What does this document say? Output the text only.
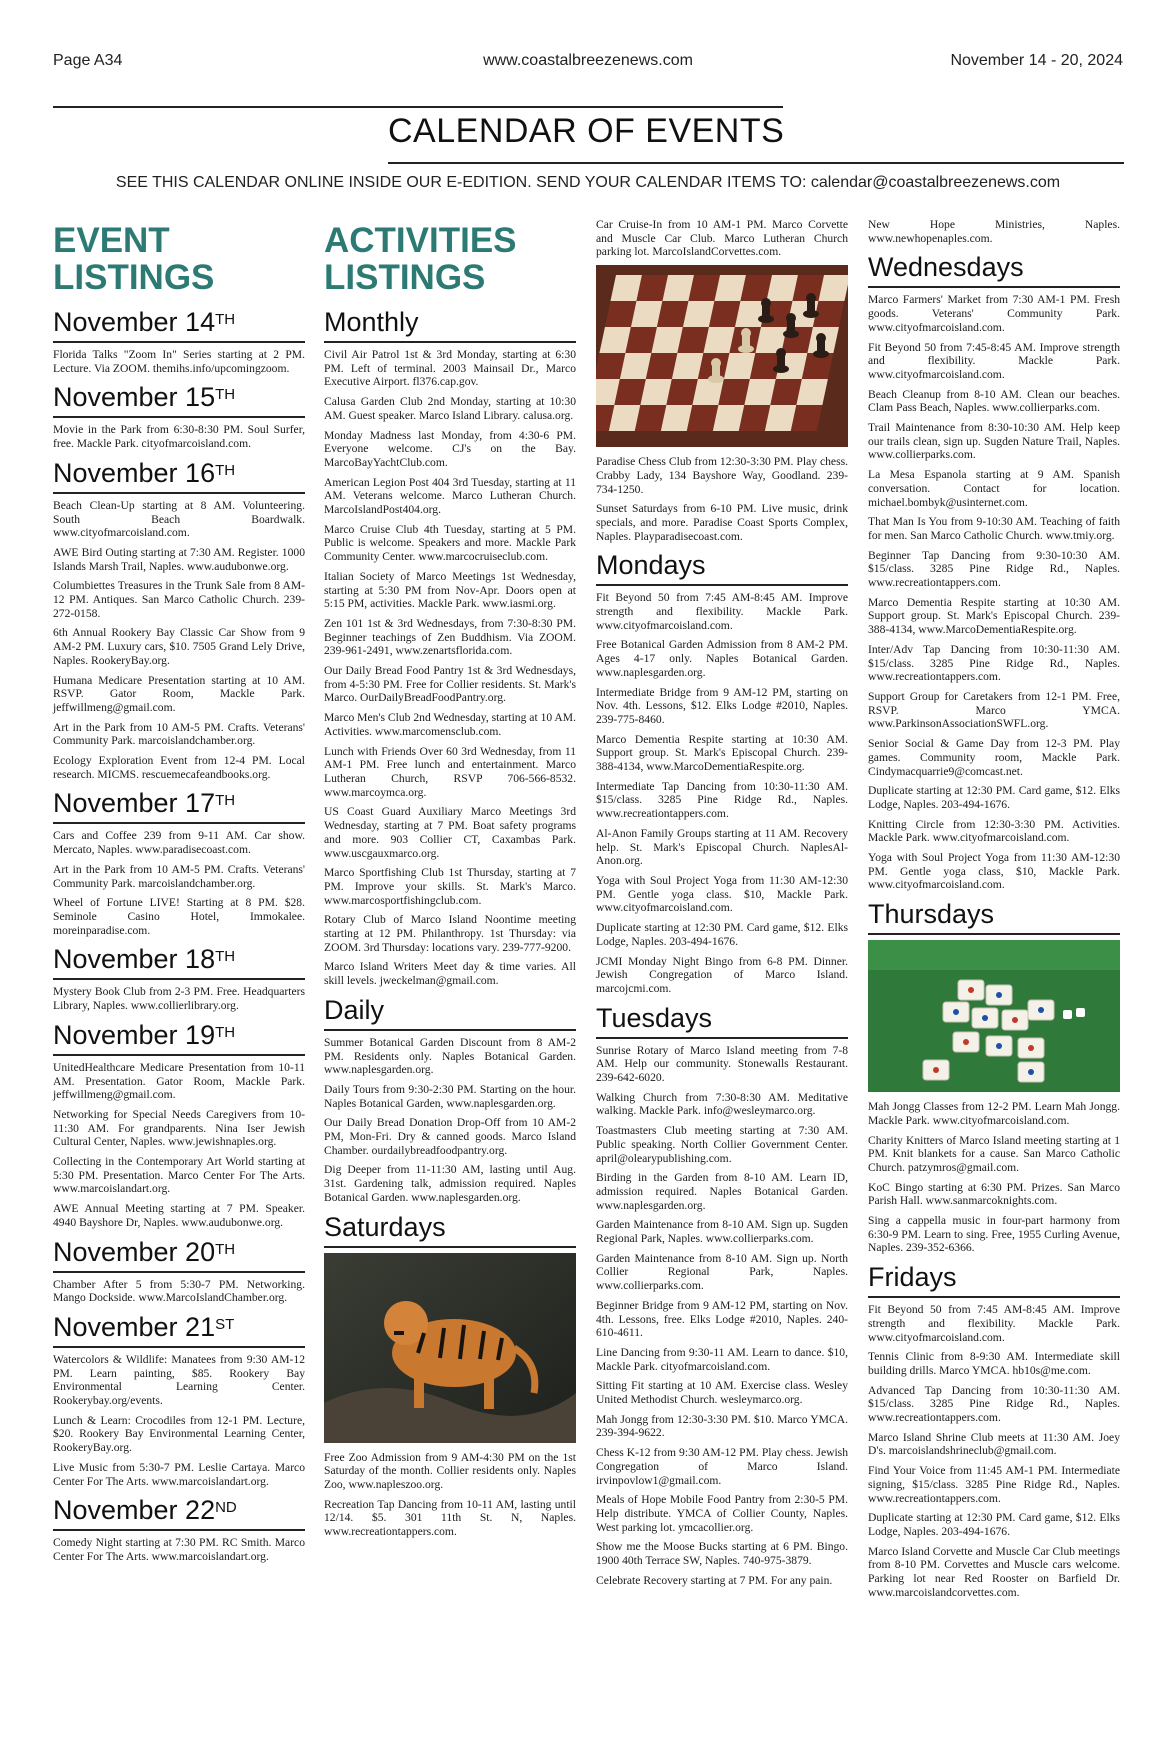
Page A34	www.coastalbreezenews.com	November 14 - 20, 2024
CALENDAR OF EVENTS
SEE THIS CALENDAR ONLINE INSIDE OUR E-EDITION. SEND YOUR CALENDAR ITEMS TO: calendar@coastalbreezenews.com
EVENT
LISTINGS
November 14TH
Florida Talks "Zoom In" Series starting at 2 PM. Lecture. Via ZOOM. themihs.info/upcomingzoom.
November 15TH
Movie in the Park from 6:30-8:30 PM. Soul Surfer, free. Mackle Park. cityofmarcoisland.com.
November 16TH
Beach Clean-Up starting at 8 AM. Volunteering. South Beach Boardwalk. www.cityofmarcoisland.com.
AWE Bird Outing starting at 7:30 AM. Register. 1000 Islands Marsh Trail, Naples. www.audubonwe.org.
Columbiettes Treasures in the Trunk Sale from 8 AM-12 PM. Antiques. San Marco Catholic Church. 239-272-0158.
6th Annual Rookery Bay Classic Car Show from 9 AM-2 PM. Luxury cars, $10. 7505 Grand Lely Drive, Naples. RookeryBay.org.
Humana Medicare Presentation starting at 10 AM. RSVP. Gator Room, Mackle Park. jeffwillmeng@gmail.com.
Art in the Park from 10 AM-5 PM. Crafts. Veterans' Community Park. marcoislandchamber.org.
Ecology Exploration Event from 12-4 PM. Local research. MICMS. rescuemecafeandbooks.org.
November 17TH
Cars and Coffee 239 from 9-11 AM. Car show. Mercato, Naples. www.paradisecoast.com.
Art in the Park from 10 AM-5 PM. Crafts. Veterans' Community Park. marcoislandchamber.org.
Wheel of Fortune LIVE! Starting at 8 PM. $28. Seminole Casino Hotel, Immokalee. moreinparadise.com.
November 18TH
Mystery Book Club from 2-3 PM. Free. Headquarters Library, Naples. www.collierlibrary.org.
November 19TH
UnitedHealthcare Medicare Presentation from 10-11 AM. Presentation. Gator Room, Mackle Park. jeffwillmeng@gmail.com.
Networking for Special Needs Caregivers from 10-11:30 AM. For grandparents. Nina Iser Jewish Cultural Center, Naples. www.jewishnaples.org.
Collecting in the Contemporary Art World starting at 5:30 PM. Presentation. Marco Center For The Arts. www.marcoislandart.org.
AWE Annual Meeting starting at 7 PM. Speaker. 4940 Bayshore Dr, Naples. www.audubonwe.org.
November 20TH
Chamber After 5 from 5:30-7 PM. Networking. Mango Dockside. www.MarcoIslandChamber.org.
November 21ST
Watercolors & Wildlife: Manatees from 9:30 AM-12 PM. Learn painting, $85. Rookery Bay Environmental Learning Center. Rookerybay.org/events.
Lunch & Learn: Crocodiles from 12-1 PM. Lecture, $20. Rookery Bay Environmental Learning Center, RookeryBay.org.
Live Music from 5:30-7 PM. Leslie Cartaya. Marco Center For The Arts. www.marcoislandart.org.
November 22ND
Comedy Night starting at 7:30 PM. RC Smith. Marco Center For The Arts. www.marcoislandart.org.
ACTIVITIES
LISTINGS
Monthly
Civil Air Patrol 1st & 3rd Monday, starting at 6:30 PM. Left of terminal. 2003 Mainsail Dr., Marco Executive Airport. fl376.cap.gov.
Calusa Garden Club 2nd Monday, starting at 10:30 AM. Guest speaker. Marco Island Library. calusa.org.
Monday Madness last Monday, from 4:30-6 PM. Everyone welcome. CJ's on the Bay. MarcoBayYachtClub.com.
American Legion Post 404 3rd Tuesday, starting at 11 AM. Veterans welcome. Marco Lutheran Church. MarcoIslandPost404.org.
Marco Cruise Club 4th Tuesday, starting at 5 PM. Public is welcome. Speakers and more. Mackle Park Community Center. www.marcocruiseclub.com.
Italian Society of Marco Meetings 1st Wednesday, starting at 5:30 PM from Nov-Apr. Doors open at 5:15 PM, activities. Mackle Park. www.iasmi.org.
Zen 101 1st & 3rd Wednesdays, from 7:30-8:30 PM. Beginner teachings of Zen Buddhism. Via ZOOM. 239-961-2491, www.zenartsflorida.com.
Our Daily Bread Food Pantry 1st & 3rd Wednesdays, from 4-5:30 PM. Free for Collier residents. St. Mark's Marco. OurDailyBreadFoodPantry.org.
Marco Men's Club 2nd Wednesday, starting at 10 AM. Activities. www.marcomensclub.com.
Lunch with Friends Over 60 3rd Wednesday, from 11 AM-1 PM. Free lunch and entertainment. Marco Lutheran Church, RSVP 706-566-8532. www.marcoymca.org.
US Coast Guard Auxiliary Marco Meetings 3rd Wednesday, starting at 7 PM. Boat safety programs and more. 903 Collier CT, Caxambas Park. www.uscgauxmarco.org.
Marco Sportfishing Club 1st Thursday, starting at 7 PM. Improve your skills. St. Mark's Marco. www.marcosportfishingclub.com.
Rotary Club of Marco Island Noontime meeting starting at 12 PM. Philanthropy. 1st Thursday: via ZOOM. 3rd Thursday: locations vary. 239-777-9200.
Marco Island Writers Meet day & time varies. All skill levels. jweckelman@gmail.com.
Daily
Summer Botanical Garden Discount from 8 AM-2 PM. Residents only. Naples Botanical Garden. www.naplesgarden.org.
Daily Tours from 9:30-2:30 PM. Starting on the hour. Naples Botanical Garden, www.naplesgarden.org.
Our Daily Bread Donation Drop-Off from 10 AM-2 PM, Mon-Fri. Dry & canned goods. Marco Island Chamber. ourdailybreadfoodpantry.org.
Dig Deeper from 11-11:30 AM, lasting until Aug. 31st. Gardening talk, admission required. Naples Botanical Garden. www.naplesgarden.org.
Saturdays
Free Zoo Admission from 9 AM-4:30 PM on the 1st Saturday of the month. Collier residents only. Naples Zoo, www.napleszoo.org.
Recreation Tap Dancing from 10-11 AM, lasting until 12/14. $5. 301 11th St. N, Naples. www.recreationtappers.com.
Car Cruise-In from 10 AM-1 PM. Marco Corvette and Muscle Car Club. Marco Lutheran Church parking lot. MarcoIslandCorvettes.com.
Paradise Chess Club from 12:30-3:30 PM. Play chess. Crabby Lady, 134 Bayshore Way, Goodland. 239-734-1250.
Sunset Saturdays from 6-10 PM. Live music, drink specials, and more. Paradise Coast Sports Complex, Naples. Playparadisecoast.com.
Mondays
Fit Beyond 50 from 7:45 AM-8:45 AM. Improve strength and flexibility. Mackle Park. www.cityofmarcoisland.com.
Free Botanical Garden Admission from 8 AM-2 PM. Ages 4-17 only. Naples Botanical Garden. www.naplesgarden.org.
Intermediate Bridge from 9 AM-12 PM, starting on Nov. 4th. Lessons, $12. Elks Lodge #2010, Naples. 239-775-8460.
Marco Dementia Respite starting at 10:30 AM. Support group. St. Mark's Episcopal Church. 239-388-4134, www.MarcoDementiaRespite.org.
Intermediate Tap Dancing from 10:30-11:30 AM. $15/class. 3285 Pine Ridge Rd., Naples. www.recreationtappers.com.
Al-Anon Family Groups starting at 11 AM. Recovery help. St. Mark's Episcopal Church. NaplesAl-Anon.org.
Yoga with Soul Project Yoga from 11:30 AM-12:30 PM. Gentle yoga class. $10, Mackle Park. www.cityofmarcoisland.com.
Duplicate starting at 12:30 PM. Card game, $12. Elks Lodge, Naples. 203-494-1676.
JCMI Monday Night Bingo from 6-8 PM. Dinner. Jewish Congregation of Marco Island. marcojcmi.com.
Tuesdays
Sunrise Rotary of Marco Island meeting from 7-8 AM. Help our community. Stonewalls Restaurant. 239-642-6020.
Walking Church from 7:30-8:30 AM. Meditative walking. Mackle Park. info@wesleymarco.org.
Toastmasters Club meeting starting at 7:30 AM. Public speaking. North Collier Government Center. april@olearypublishing.com.
Birding in the Garden from 8-10 AM. Learn ID, admission required. Naples Botanical Garden. www.naplesgarden.org.
Garden Maintenance from 8-10 AM. Sign up. Sugden Regional Park, Naples. www.collierparks.com.
Garden Maintenance from 8-10 AM. Sign up. North Collier Regional Park, Naples. www.collierparks.com.
Beginner Bridge from 9 AM-12 PM, starting on Nov. 4th. Lessons, free. Elks Lodge #2010, Naples. 240-610-4611.
Line Dancing from 9:30-11 AM. Learn to dance. $10, Mackle Park. cityofmarcoisland.com.
Sitting Fit starting at 10 AM. Exercise class. Wesley United Methodist Church. wesleymarco.org.
Mah Jongg from 12:30-3:30 PM. $10. Marco YMCA. 239-394-9622.
Chess K-12 from 9:30 AM-12 PM. Play chess. Jewish Congregation of Marco Island. irvinpovlow1@gmail.com.
Meals of Hope Mobile Food Pantry from 2:30-5 PM. Help distribute. YMCA of Collier County, Naples. West parking lot. ymcacollier.org.
Show me the Moose Bucks starting at 6 PM. Bingo. 1900 40th Terrace SW, Naples. 740-975-3879.
Celebrate Recovery starting at 7 PM. For any pain.
New Hope Ministries, Naples. www.newhopenaples.com.
Wednesdays
Marco Farmers' Market from 7:30 AM-1 PM. Fresh goods. Veterans' Community Park. www.cityofmarcoisland.com.
Fit Beyond 50 from 7:45-8:45 AM. Improve strength and flexibility. Mackle Park. www.cityofmarcoisland.com.
Beach Cleanup from 8-10 AM. Clean our beaches. Clam Pass Beach, Naples. www.collierparks.com.
Trail Maintenance from 8:30-10:30 AM. Help keep our trails clean, sign up. Sugden Nature Trail, Naples. www.collierparks.com.
La Mesa Espanola starting at 9 AM. Spanish conversation. Contact for location. michael.bombyk@usinternet.com.
That Man Is You from 9-10:30 AM. Teaching of faith for men. San Marco Catholic Church. www.tmiy.org.
Beginner Tap Dancing from 9:30-10:30 AM. $15/class. 3285 Pine Ridge Rd., Naples. www.recreationtappers.com.
Marco Dementia Respite starting at 10:30 AM. Support group. St. Mark's Episcopal Church. 239-388-4134, www.MarcoDementiaRespite.org.
Inter/Adv Tap Dancing from 10:30-11:30 AM. $15/class. 3285 Pine Ridge Rd., Naples. www.recreationtappers.com.
Support Group for Caretakers from 12-1 PM. Free, RSVP. Marco YMCA. www.ParkinsonAssociationSWFL.org.
Senior Social & Game Day from 12-3 PM. Play games. Community room, Mackle Park. Cindymacquarrie9@comcast.net.
Duplicate starting at 12:30 PM. Card game, $12. Elks Lodge, Naples. 203-494-1676.
Knitting Circle from 12:30-3:30 PM. Activities. Mackle Park. www.cityofmarcoisland.com.
Yoga with Soul Project Yoga from 11:30 AM-12:30 PM. Gentle yoga class, $10, Mackle Park. www.cityofmarcoisland.com.
Thursdays
Mah Jongg Classes from 12-2 PM. Learn Mah Jongg. Mackle Park. www.cityofmarcoisland.com.
Charity Knitters of Marco Island meeting starting at 1 PM. Knit blankets for a cause. San Marco Catholic Church. patzymros@gmail.com.
KoC Bingo starting at 6:30 PM. Prizes. San Marco Parish Hall. www.sanmarcoknights.com.
Sing a cappella music in four-part harmony from 6:30-9 PM. Learn to sing. Free, 1955 Curling Avenue, Naples. 239-352-6366.
Fridays
Fit Beyond 50 from 7:45 AM-8:45 AM. Improve strength and flexibility. Mackle Park. www.cityofmarcoisland.com.
Tennis Clinic from 8-9:30 AM. Intermediate skill building drills. Marco YMCA. hb10s@me.com.
Advanced Tap Dancing from 10:30-11:30 AM. $15/class. 3285 Pine Ridge Rd., Naples. www.recreationtappers.com.
Marco Island Shrine Club meets at 11:30 AM. Joey D's. marcoislandshrineclub@gmail.com.
Find Your Voice from 11:45 AM-1 PM. Intermediate signing, $15/class. 3285 Pine Ridge Rd., Naples. www.recreationtappers.com.
Duplicate starting at 12:30 PM. Card game, $12. Elks Lodge, Naples. 203-494-1676.
Marco Island Corvette and Muscle Car Club meetings from 8-10 PM. Corvettes and Muscle cars welcome. Parking lot near Red Rooster on Barfield Dr. www.marcoislandcorvettes.com.
